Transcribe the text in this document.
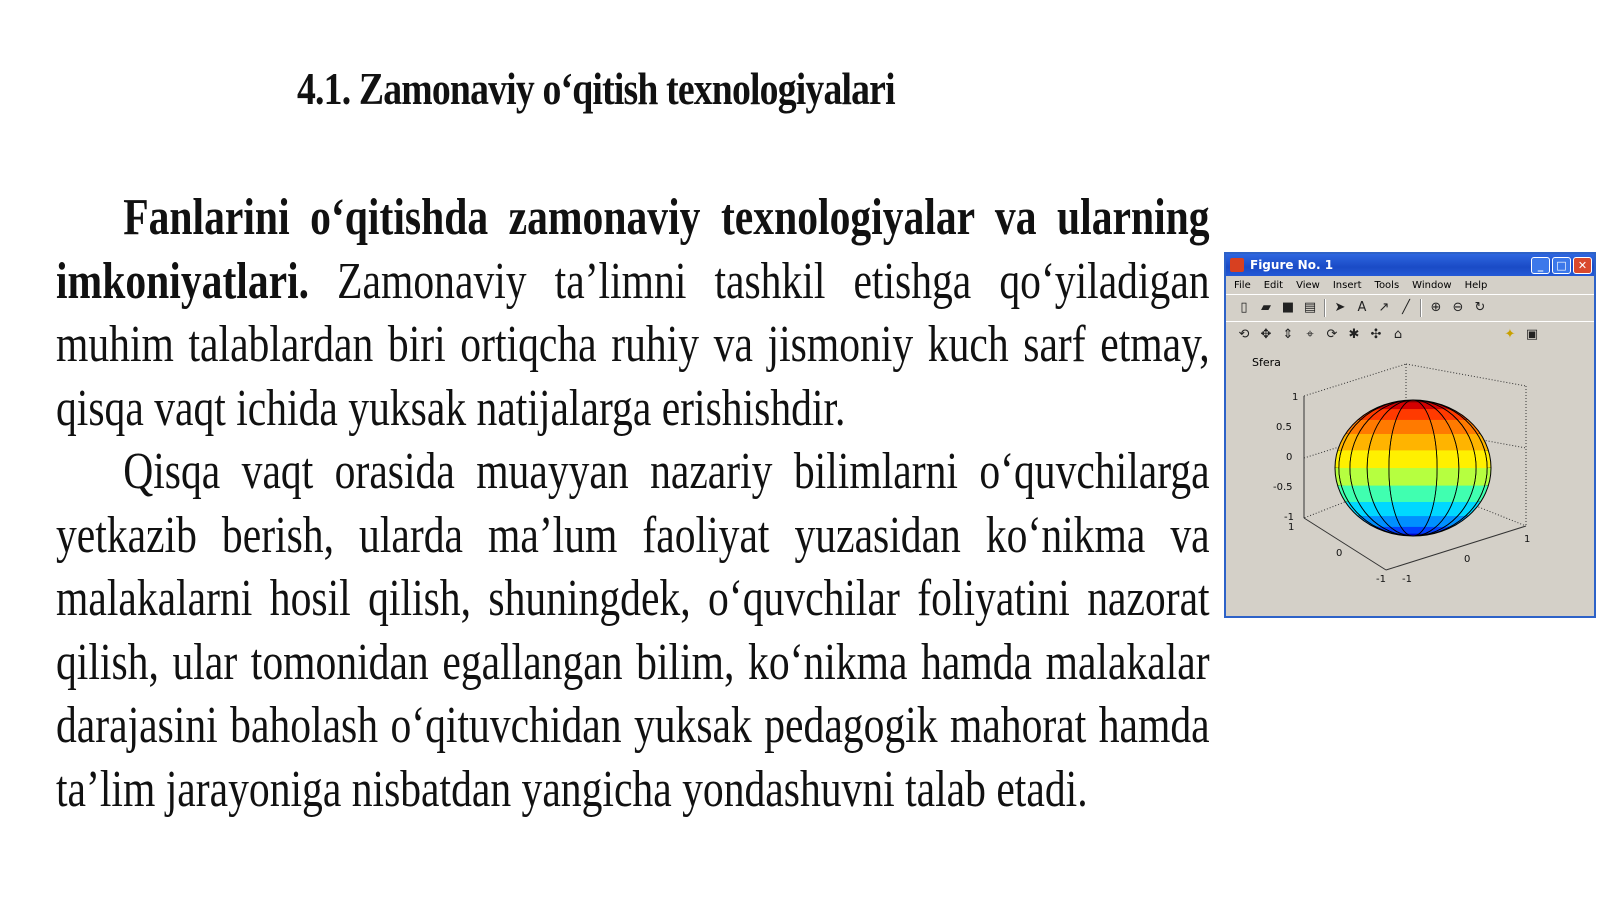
4.1. Zamonaviy o‘qitish texnologiyalari

Fanlarini o‘qitishda zamonaviy texnologiyalar va ularning imkoniyatlari. Zamonaviy ta’limni tashkil etishga qo‘yiladigan muhim talablardan biri ortiqcha ruhiy va jismoniy kuch sarf etmay, qisqa vaqt ichida yuksak natijalarga erishishdir.

Qisqa vaqt orasida muayyan nazariy bilimlarni o‘quvchilarga yetkazib berish, ularda ma’lum faoliyat yuzasidan ko‘nikma va malakalarni hosil qilish, shuningdek, o‘quvchilar foliyatini nazorat qilish, ular tomonidan egallangan bilim, ko‘nikma hamda malakalar darajasini baholash o‘qituvchidan yuksak pedagogik mahorat hamda ta’lim jarayoniga nisbatdan yangicha yondashuvni talab etadi.

Figure No. 1	_	□	✕
File Edit View Insert Tools Window Help
▯	▰ ■ ▤ ➤ A ↗ ╱	⊕ ⊖ ↻
⟲ ✥ ⇕ ⌖ ⟳ ✱ ✣ ⌂	✦ ▣
Sfera
1
0.5
0
-0.5
-1
1
0
-1 -1
0
1
